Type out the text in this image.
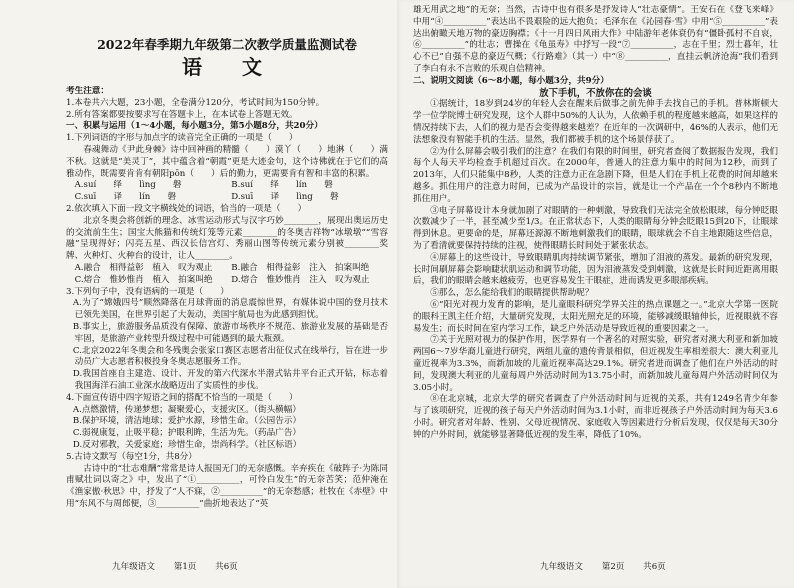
2022年春季期九年级第二次教学质量监测试卷
语　文

考生注意：

1.本卷共六大题，23小题，全卷满分120分，考试时间为150分钟。

2.所有答案都要按要求写在答题卡上，在本试卷上答题无效。

一、积累与运用（1～4小题，每小题3分，第5小题8分，共20分）

1.下列词语的字形与加点字的读音完全正确的一项是（　　）

春魂舞动《尹此身棘》诗中回神画的精髓（　　）漠丫（　　）地淋（　　）满不秋。这就是“美灵丁”，其中蕴含着“朝霞”更是大迹金句，这个诗佛就在于它们的高雅动作，既需要肯肯有朝阳pōn（　　）后的勤力，更需要肯有智和丰富的积累。

A.suí　　绎　　lìng　　磐	B.suí　　绎　　lín　　磐
C.suī　　译　　lín　　磐	D.suī　　译　　lìng　　磐

2.依次填入下面一段文字横线处的词语，恰当的一项是（　　）

北京冬奥会将创新的理念、冰雪运动形式与汉字巧妙________，展现出奥运历史的交流前生生；国宝大熊猫和传统灯笼等元素________的冬奥吉祥物“冰墩墩”“雪容融”呈现得好；闪亮五星、西汉长信宫灯、秀丽山图等传统元素分别被________奖牌、火种灯、火种台的设计，让人________。

A.融合　相得益彰　植入　叹为观止	B.融合　相得益彰　注入　拍案叫绝
C.熔合　惟妙惟肖　植入　拍案叫绝	D.熔合　惟妙惟肖　注入　叹为观止

3.下列句子中，没有语病的一项是（　　）

A.为了“嫦娥四号”顺然降落在月球背面的消息震惊世界，有媒体说中国的登月技术已领先美国，在世界引起了大轰动，美国宇航局也为此感到担忧。

B.事实上，旅游服务品质没有保障、旅游市场秩序不规范、旅游业发展的基础是否牢固，是旅游产业转型升级过程中可能遇到的最大瓶颈。

C.北京2022年冬奥会和冬残奥会张家口赛区志愿者出征仪式在线举行，旨在进一步动员广大志愿者积极投身冬奥志愿服务工作。

D.我国首座自主建造、设计、开发的第六代深水半潜式钻井平台正式开钻，标志着我国海洋石油工业深水战略迈出了实质性的步伐。

4.下面宣传语中四字短语之间的搭配不恰当的一项是（　　）

A.点燃激情，传递梦想；凝聚爱心，支援灾区。（街头横幅）

B.保护环境，清洁地球；爱护水源，珍惜生命。（公园告示）

C.弱视康复，止吸平稳；护眼利眸，生活为先。（药品广告）

D.反对邪教，关爱家庭；珍惜生命，崇尚科学。（社区标语）

5.古诗文默写（每空1分，共8分）

古诗中的“壮志难酬”常常是诗人报国无门的无奈感慨。辛弃疾在《破阵子·为陈同甫赋壮词以寄之》中，发出了“①__________，可怜白发生”的无奈苦笑；范仲淹在《渔家傲·秋思》中，抒发了“人不寐，②__________”的无奈愁感；杜牧在《赤壁》中用“东风不与周郎便，③__________”曲折地表达了“英

九年级语文 第1页 共6页

雄无用武之地”的无奈；当然，古诗中也有很多是抒发诗人“壮志豪情”。王安石在《登飞来峰》中用“④__________”表达出不畏艰险的远大抱负；毛泽东在《沁园春·雪》中用“⑤__________”表达出俯瞰天地万物的豪迈胸襟；《十一月四日风雨大作》中陆游年老体衰仍有“僵卧孤村不自哀，⑥__________”的壮志；曹操在《龟虽寿》中抒写一段“⑦__________，志在千里；烈士暮年，壮心不已”自强不息的豪迈气概；《行路难》（其一）中“⑧__________，直挂云帆济沧海”我们看到了李白有永不言败的乐观自信精神。

二、说明文阅读（6～8小题，每小题3分，共9分）

放下手机，不放你在的会谈

①据统计，18岁到24岁的年轻人会在醒来后做事之前先伸手去找自己的手机。普林斯顿大学一位学院博士研究发现，这个人群中50%的人认为，人依赖手机的程度越来越高，如果这样的情况持续下去，人们的视力是否会变得越来越差？在近年的一次调研中，46%的人表示，他们无法想象没有智能手机的生活。显然，我们都被手机的这个场景俘获了。

②为什么屏幕会吸引我们的注意？在我们有限的时间里，研究者查阅了数据报告发现，我们每个人每天平均检查手机超过百次。在2000年，普通人的注意力集中的时间为12秒，而到了2013年，人们只能集中8秒，人类的注意力正在急剧下降，但是人们在手机上花费的时间却越来越多。抓住用户的注意力时间，已成为产品设计的宗旨，就是让一个产品在一个个8秒内不断地抓住用户。

③电子屏幕设计本身就加剧了对眼睛的一种刺激，导致我们无法完全放松眼球，每分钟眨眼次数减少了一半，甚至减少至1/3。在正常状态下，人类的眼睛每分钟会眨眼15到20下，让眼球得到休息。更要命的是，屏幕还源源不断地刺激我们的眼睛，眼球就会不自主地跟随这些信息，为了看清就要保持持续的注视，使得眼睛长时间处于紧张状态。

④屏幕上的这些设计，导致眼睛肌肉持续调节紧张，增加了泪液的蒸发。最新的研究发现，长时间刷屏幕会影响睫状肌运动和调节功能，因为泪液蒸发受到刺激，这就是长时间近距离用眼后，我们的眼睛会越来越疲劳，也更容易发生干眼症，进而诱发更多眼部疾病。

⑤那么，怎么能给我们的眼睛提供帮助呢？

⑥“阳光对视力发育的影响，是儿童眼科研究学界关注的热点课题之一。”北京大学第一医院的眼科王凯主任介绍，大量研究发现，太阳光照充足的环境，能够减缓眼轴伸长，近视眼就不容易发生；而长时间在室内学习工作，缺乏户外活动是导致近视的重要因素之一。

⑦关于光照对视力的保护作用，医学界有一个著名的对照实验，研究者对澳大利亚和新加坡两国6～7岁华裔儿童进行研究，两组儿童的遗传背景相似，但近视发生率相差很大：澳大利亚儿童近视率为3.3%，而新加坡的儿童近视率高达29.1%。研究者进而调查了他们在户外活动的时间，发现澳大利亚的儿童每周户外活动时间为13.75小时，而新加坡儿童每周户外活动时间仅为3.05小时。

⑧在北京城，北京大学的研究者调查了户外活动时间与近视的关系，共有1249名青少年参与了该项研究，近视的孩子每天户外活动时间为3.1小时，而非近视孩子户外活动时间为每天3.6小时。研究者对年龄、性别、父母近视情况、家庭收入等因素进行分析后发现，仅仅是每天30分钟的户外时间，就能够显著降低近视的发生率，降低了10%。

九年级语文 第2页 共6页
